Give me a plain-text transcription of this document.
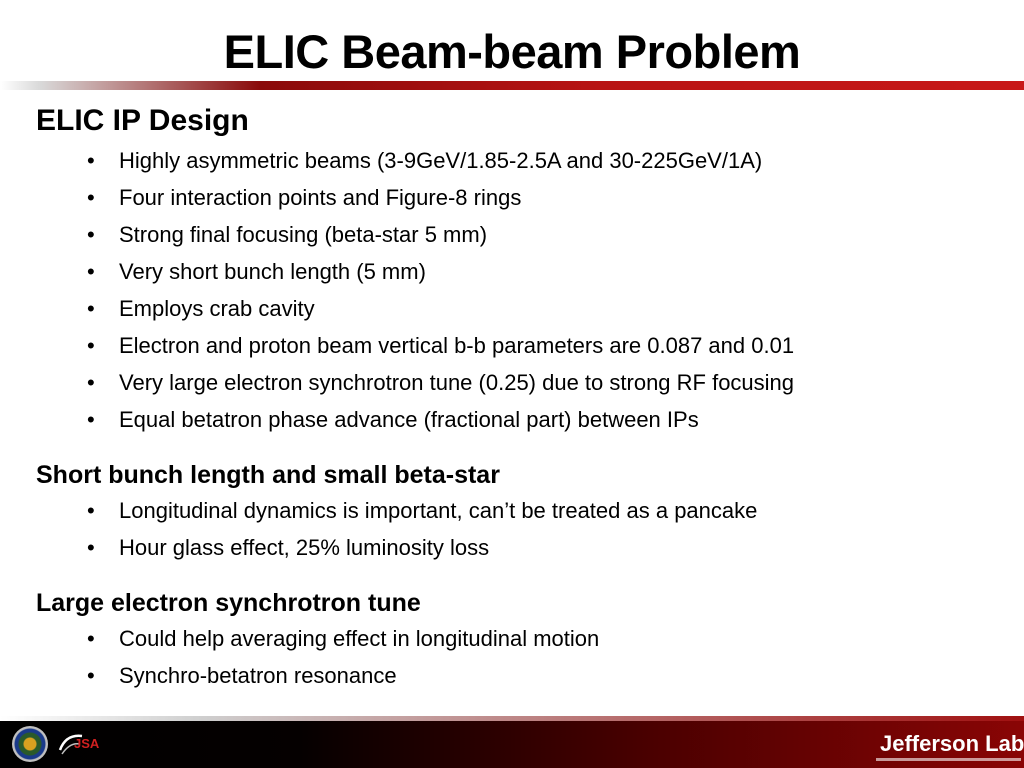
ELIC Beam-beam Problem
ELIC IP Design
• Highly asymmetric beams (3-9GeV/1.85-2.5A and 30-225GeV/1A)
• Four interaction points and Figure-8 rings
• Strong final focusing (beta-star 5 mm)
• Very short bunch length (5 mm)
• Employs crab cavity
• Electron and proton beam vertical b-b parameters are 0.087 and 0.01
• Very large electron synchrotron tune (0.25) due to strong RF focusing
• Equal betatron phase advance (fractional part) between IPs
Short bunch length and small beta-star
• Longitudinal dynamics is important, can’t be treated as a pancake
• Hour glass effect, 25% luminosity loss
Large electron synchrotron tune
• Could help averaging effect in longitudinal motion
• Synchro-betatron resonance
JSA	Jefferson Lab
